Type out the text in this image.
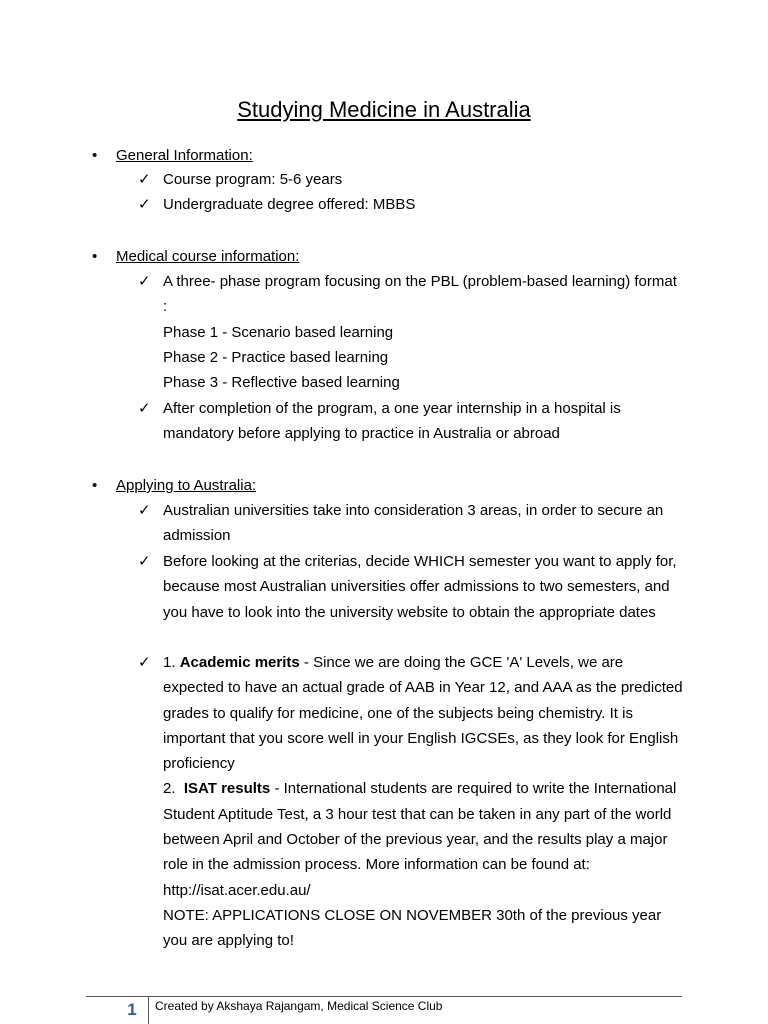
Studying Medicine in Australia
• General Information:
✓ Course program: 5-6 years
✓ Undergraduate degree offered: MBBS
• Medical course information:
✓ A three- phase program focusing on the PBL (problem-based learning) format :

Phase 1 - Scenario based learning

Phase 2 - Practice based learning

Phase 3 - Reflective based learning

✓ After completion of the program, a one year internship in a hospital is mandatory before applying to practice in Australia or abroad
• Applying to Australia:
✓ Australian universities take into consideration 3 areas, in order to secure an admission
✓ Before looking at the criterias, decide WHICH semester you want to apply for, because most Australian universities offer admissions to two semesters, and you have to look into the university website to obtain the appropriate dates
✓ 1. Academic merits - Since we are doing the GCE 'A' Levels, we are expected to have an actual grade of AAB in Year 12, and AAA as the predicted grades to qualify for medicine, one of the subjects being chemistry. It is important that you score well in your English IGCSEs, as they look for English proficiency

2.  ISAT results - International students are required to write the International Student Aptitude Test, a 3 hour test that can be taken in any part of the world between April and October of the previous year, and the results play a major role in the admission process. More information can be found at: http://isat.acer.edu.au/

NOTE: APPLICATIONS CLOSE ON NOVEMBER 30th of the previous year you are applying to!

1	Created by Akshaya Rajangam, Medical Science Club
